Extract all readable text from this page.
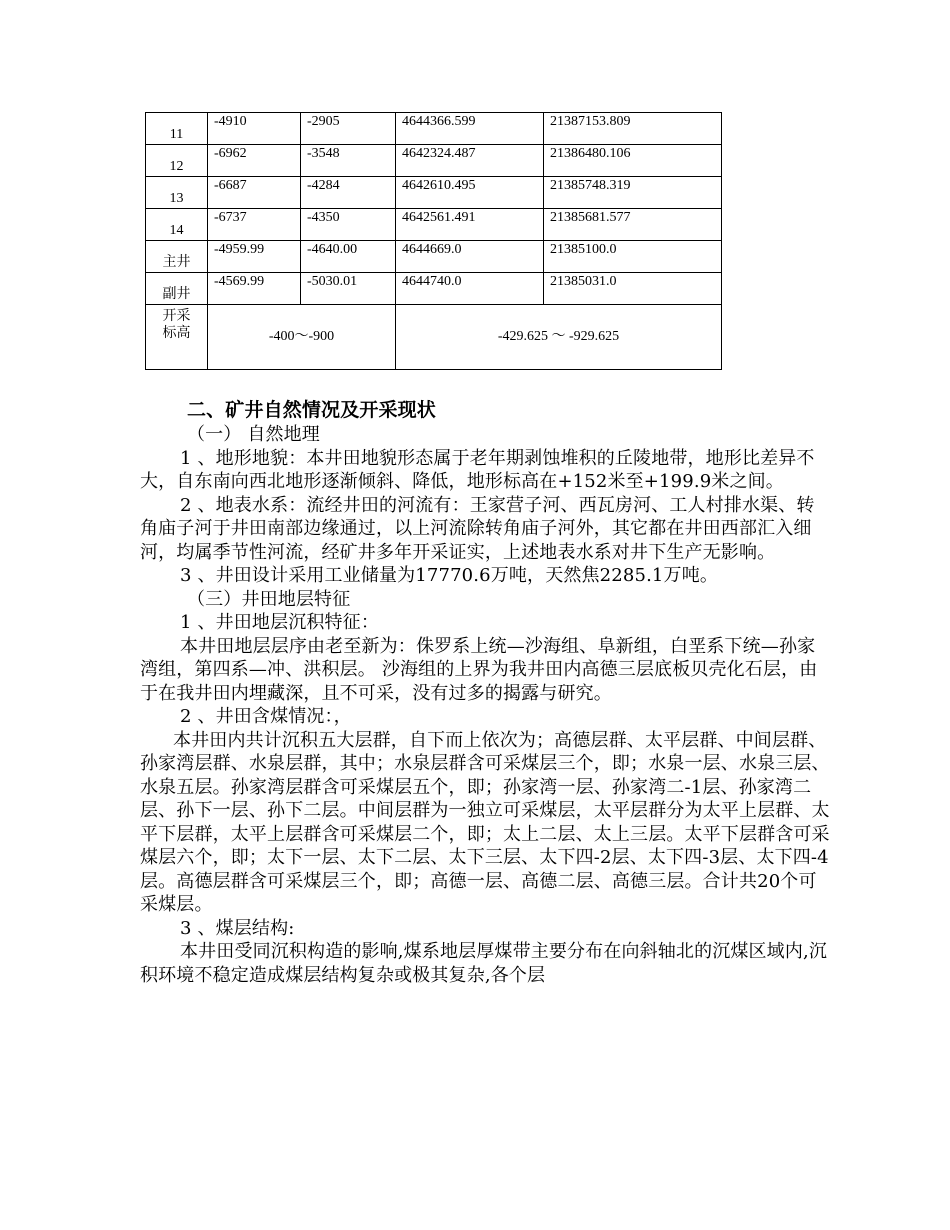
11	-4910	-2905	4644366.599	21387153.809
12	-6962	-3548	4642324.487	21386480.106
13	-6687	-4284	4642610.495	21385748.319
14	-6737	-4350	4642561.491	21385681.577
主井	-4959.99	-4640.00	4644669.0	21385100.0
副井	-4569.99	-5030.01	4644740.0	21385031.0
开采标高	-400～-900		-429.625 ～ -929.625	

二、矿井自然情况及开采现状

（一） 自然地理

1 、地形地貌：本井田地貌形态属于老年期剥蚀堆积的丘陵地带，地形比差异不大，自东南向西北地形逐渐倾斜、降低，地形标高在+152米至+199.9米之间。

2 、地表水系：流经井田的河流有：王家营子河、西瓦房河、工人村排水渠、转角庙子河于井田南部边缘通过，以上河流除转角庙子河外，其它都在井田西部汇入细河，均属季节性河流，经矿井多年开采证实，上述地表水系对井下生产无影响。

3 、井田设计采用工业储量为17770.6万吨，天然焦2285.1万吨。

（三）井田地层特征

1 、井田地层沉积特征：

本井田地层层序由老至新为：侏罗系上统—沙海组、阜新组，白垩系下统—孙家湾组，第四系—冲、洪积层。 沙海组的上界为我井田内高德三层底板贝壳化石层，由于在我井田内埋藏深，且不可采，没有过多的揭露与研究。

2 、井田含煤情况：，

本井田内共计沉积五大层群，自下而上依次为；高德层群、太平层群、中间层群、孙家湾层群、水泉层群，其中；水泉层群含可采煤层三个，即；水泉一层、水泉三层、水泉五层。孙家湾层群含可采煤层五个，即；孙家湾一层、孙家湾二-1层、孙家湾二层、孙下一层、孙下二层。中间层群为一独立可采煤层，太平层群分为太平上层群、太平下层群，太平上层群含可采煤层二个，即；太上二层、太上三层。太平下层群含可采煤层六个，即；太下一层、太下二层、太下三层、太下四-2层、太下四-3层、太下四-4层。高德层群含可采煤层三个，即；高德一层、高德二层、高德三层。合计共20个可采煤层。

3 、煤层结构:

本井田受同沉积构造的影响,煤系地层厚煤带主要分布在向斜轴北的沉煤区域内,沉积环境不稳定造成煤层结构复杂或极其复杂,各个层
